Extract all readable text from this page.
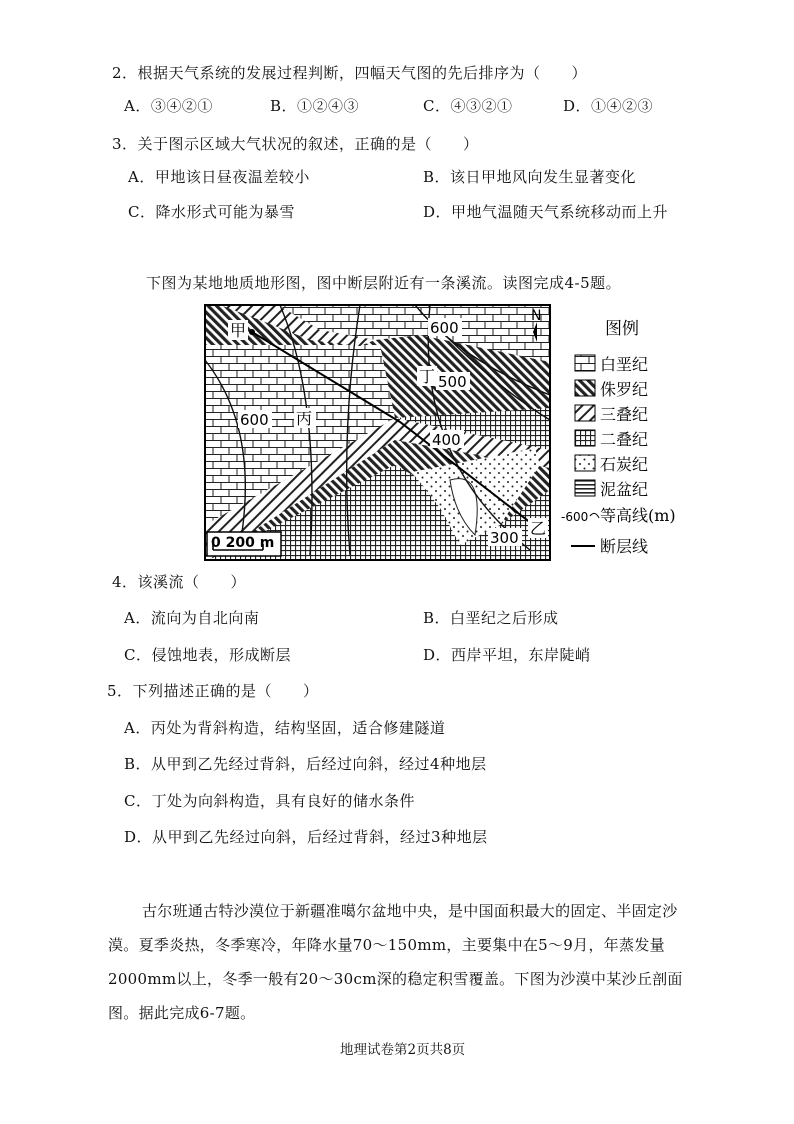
2．根据天气系统的发展过程判断，四幅天气图的先后排序为（　　）
A．③④②①	B．①②④③	C．④③②①	D．①④②③
3．关于图示区域大气状况的叙述，正确的是（　　）
A．甲地该日昼夜温差较小	B．该日甲地风向发生显著变化
C．降水形式可能为暴雪	D．甲地气温随天气系统移动而上升
下图为某地地质地形图，图中断层附近有一条溪流。读图完成4-5题。
600
500
400
300
600
甲
丙
丁
乙
N
0 200 m
图例
白垩纪
侏罗纪
三叠纪
二叠纪
石炭纪
泥盆纪
-600 等高线(m)
断层线
4．该溪流（　　）
A．流向为自北向南	B．白垩纪之后形成
C．侵蚀地表，形成断层	D．西岸平坦，东岸陡峭
5．下列描述正确的是（　　）
A．丙处为背斜构造，结构坚固，适合修建隧道
B．从甲到乙先经过背斜，后经过向斜，经过4种地层
C．丁处为向斜构造，具有良好的储水条件
D．从甲到乙先经过向斜，后经过背斜，经过3种地层
古尔班通古特沙漠位于新疆准噶尔盆地中央，是中国面积最大的固定、半固定沙漠。夏季炎热，冬季寒冷，年降水量70～150mm，主要集中在5～9月，年蒸发量2000mm以上，冬季一般有20～30cm深的稳定积雪覆盖。下图为沙漠中某沙丘剖面图。据此完成6-7题。
地理试卷第2页共8页
